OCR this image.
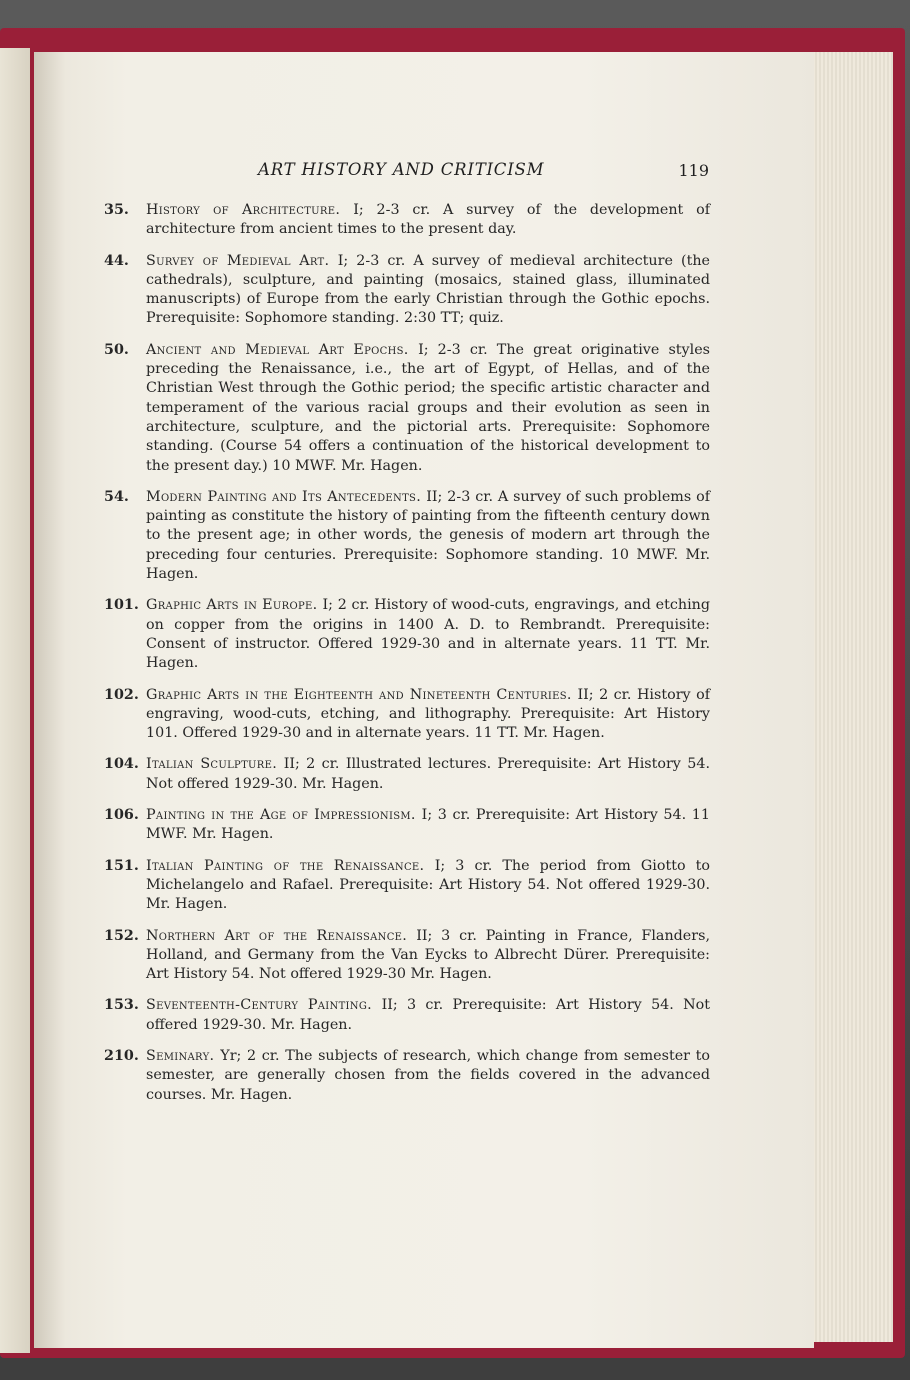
ART HISTORY AND CRITICISM	119
35. History of Architecture. I; 2-3 cr. A survey of the development of architecture from ancient times to the present day.
44. Survey of Medieval Art. I; 2-3 cr. A survey of medieval architecture (the cathedrals), sculpture, and painting (mosaics, stained glass, illuminated manuscripts) of Europe from the early Christian through the Gothic epochs. Prerequisite: Sophomore standing. 2:30 TT; quiz.
50. Ancient and Medieval Art Epochs. I; 2-3 cr. The great originative styles preceding the Renaissance, i.e., the art of Egypt, of Hellas, and of the Christian West through the Gothic period; the specific artistic character and temperament of the various racial groups and their evolution as seen in architecture, sculpture, and the pictorial arts. Prerequisite: Sophomore standing. (Course 54 offers a continuation of the historical development to the present day.) 10 MWF. Mr. Hagen.
54. Modern Painting and Its Antecedents. II; 2-3 cr. A survey of such problems of painting as constitute the history of painting from the fifteenth century down to the present age; in other words, the genesis of modern art through the preceding four centuries. Prerequisite: Sophomore standing. 10 MWF. Mr. Hagen.
101. Graphic Arts in Europe. I; 2 cr. History of wood-cuts, engravings, and etching on copper from the origins in 1400 A. D. to Rembrandt. Prerequisite: Consent of instructor. Offered 1929-30 and in alternate years. 11 TT. Mr. Hagen.
102. Graphic Arts in the Eighteenth and Nineteenth Centuries. II; 2 cr. History of engraving, wood-cuts, etching, and lithography. Prerequisite: Art History 101. Offered 1929-30 and in alternate years. 11 TT. Mr. Hagen.
104. Italian Sculpture. II; 2 cr. Illustrated lectures. Prerequisite: Art History 54. Not offered 1929-30. Mr. Hagen.
106. Painting in the Age of Impressionism. I; 3 cr. Prerequisite: Art History 54. 11 MWF. Mr. Hagen.
151. Italian Painting of the Renaissance. I; 3 cr. The period from Giotto to Michelangelo and Rafael. Prerequisite: Art History 54. Not offered 1929-30. Mr. Hagen.
152. Northern Art of the Renaissance. II; 3 cr. Painting in France, Flanders, Holland, and Germany from the Van Eycks to Albrecht Dürer. Prerequisite: Art History 54. Not offered 1929-30 Mr. Hagen.
153. Seventeenth-Century Painting. II; 3 cr. Prerequisite: Art History 54. Not offered 1929-30. Mr. Hagen.
210. Seminary. Yr; 2 cr. The subjects of research, which change from semester to semester, are generally chosen from the fields covered in the advanced courses. Mr. Hagen.
